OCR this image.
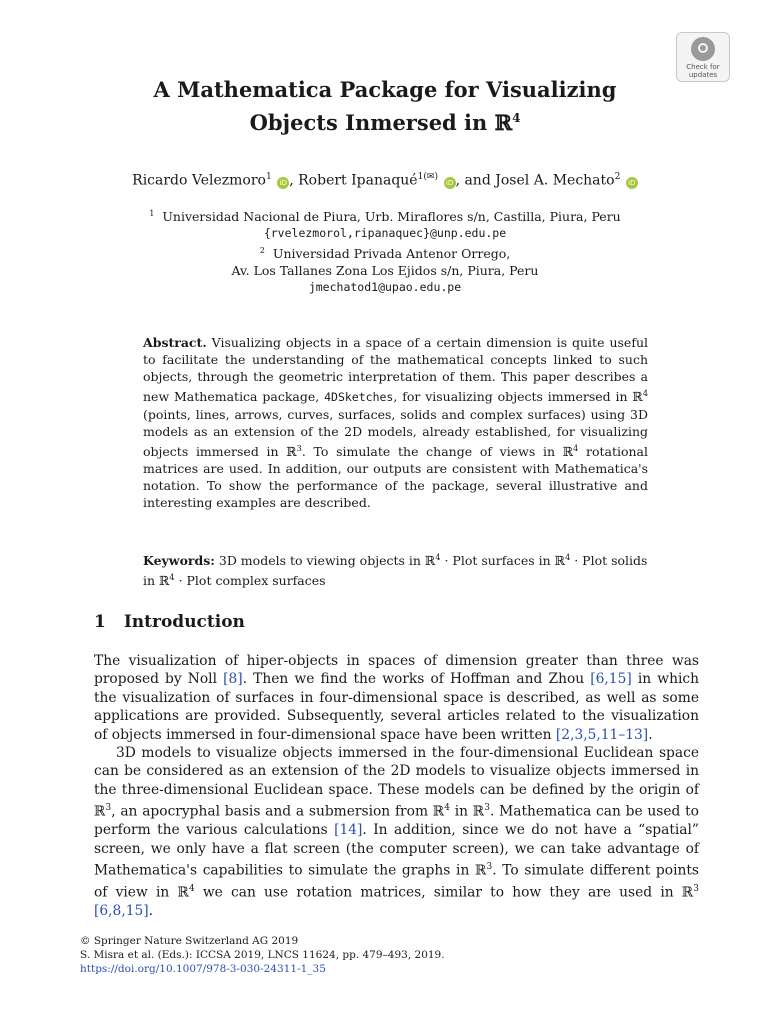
Check for
updates
A Mathematica Package for Visualizing
Objects Inmersed in ℝ$^4$
Ricardo Velezmoro$^1$ iD , Robert Ipanaqué$^{1(✉)}$ iD , and Josel A. Mechato$^2$ iD
$^1$ Universidad Nacional de Piura, Urb. Miraflores s/n, Castilla, Piura, Peru
{rvelezmorol,ripanaquec}@unp.edu.pe
$^2$ Universidad Privada Antenor Orrego,
Av. Los Tallanes Zona Los Ejidos s/n, Piura, Peru
jmechatod1@upao.edu.pe
Abstract. Visualizing objects in a space of a certain dimension is quite useful to facilitate the understanding of the mathematical concepts linked to such objects, through the geometric interpretation of them. This paper describes a new Mathematica package, 4DSketches, for visualizing objects immersed in ℝ$^4$ (points, lines, arrows, curves, surfaces, solids and complex surfaces) using 3D models as an extension of the 2D models, already established, for visualizing objects immersed in ℝ$^3$. To simulate the change of views in ℝ$^4$ rotational matrices are used. In addition, our outputs are consistent with Mathematica's notation. To show the performance of the package, several illustrative and interesting examples are described.
Keywords: 3D models to viewing objects in ℝ$^4$ · Plot surfaces in ℝ$^4$ · Plot solids in ℝ$^4$ · Plot complex surfaces
1 Introduction

The visualization of hiper-objects in spaces of dimension greater than three was proposed by Noll [8]. Then we find the works of Hoffman and Zhou [6,15] in which the visualization of surfaces in four-dimensional space is described, as well as some applications are provided. Subsequently, several articles related to the visualization of objects immersed in four-dimensional space have been written [2,3,5,11–13].

3D models to visualize objects immersed in the four-dimensional Euclidean space can be considered as an extension of the 2D models to visualize objects immersed in the three-dimensional Euclidean space. These models can be defined by the origin of ℝ$^3$, an apocryphal basis and a submersion from ℝ$^4$ in ℝ$^3$. Mathematica can be used to perform the various calculations [14]. In addition, since we do not have a “spatial” screen, we only have a flat screen (the computer screen), we can take advantage of Mathematica's capabilities to simulate the graphs in ℝ$^3$. To simulate different points of view in ℝ$^4$ we can use rotation matrices, similar to how they are used in ℝ$^3$ [6,8,15].

© Springer Nature Switzerland AG 2019
S. Misra et al. (Eds.): ICCSA 2019, LNCS 11624, pp. 479–493, 2019.
https://doi.org/10.1007/978-3-030-24311-1_35
